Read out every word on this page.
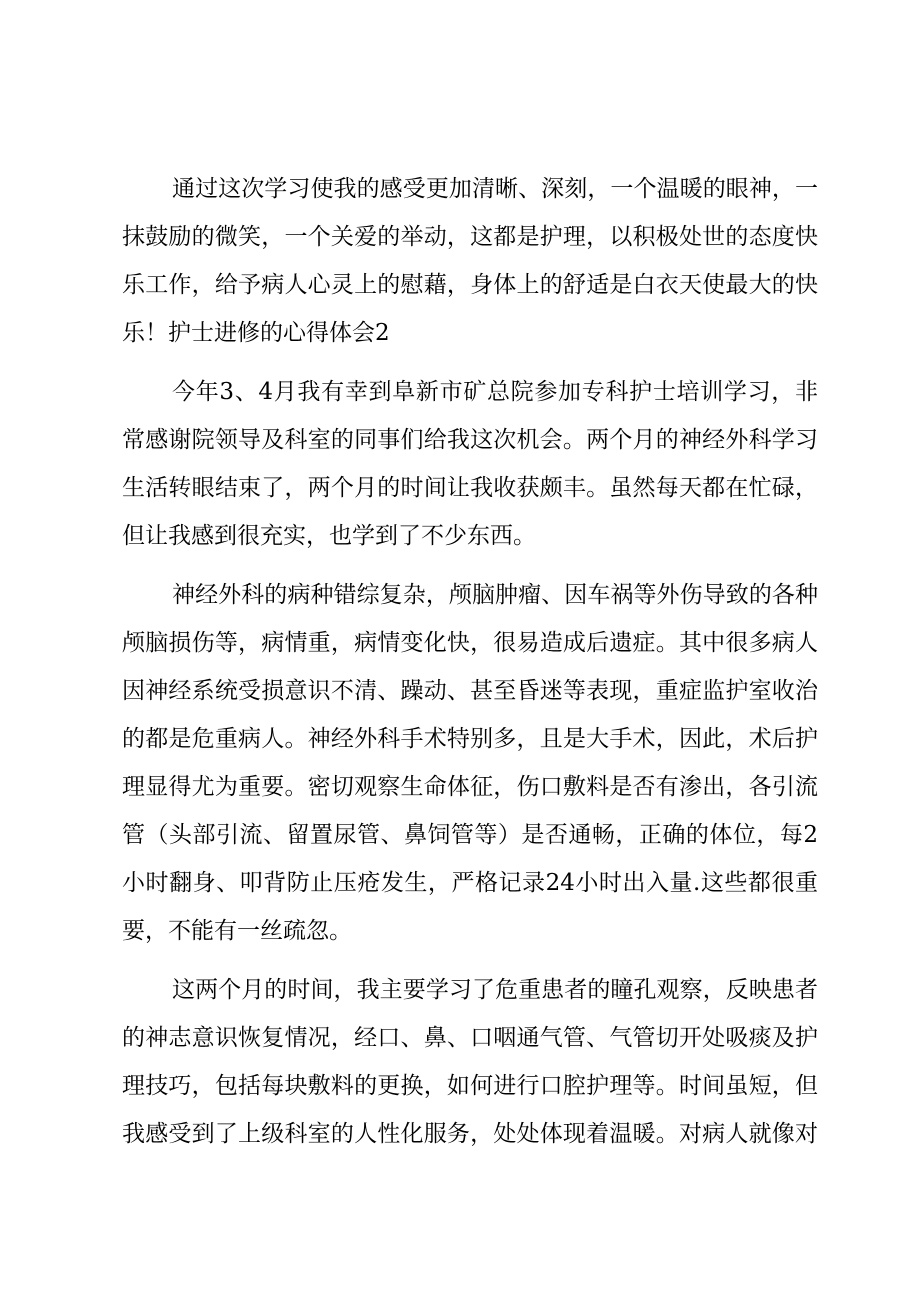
通过这次学习使我的感受更加清晰、深刻，一个温暖的眼神，一
抹鼓励的微笑，一个关爱的举动，这都是护理，以积极处世的态度快
乐工作，给予病人心灵上的慰藉，身体上的舒适是白衣天使最大的快
乐！护士进修的心得体会2
今年3、4月我有幸到阜新市矿总院参加专科护士培训学习，非
常感谢院领导及科室的同事们给我这次机会。两个月的神经外科学习
生活转眼结束了，两个月的时间让我收获颇丰。虽然每天都在忙碌，
但让我感到很充实，也学到了不少东西。
神经外科的病种错综复杂，颅脑肿瘤、因车祸等外伤导致的各种
颅脑损伤等，病情重，病情变化快，很易造成后遗症。其中很多病人
因神经系统受损意识不清、躁动、甚至昏迷等表现，重症监护室收治
的都是危重病人。神经外科手术特别多，且是大手术，因此，术后护
理显得尤为重要。密切观察生命体征，伤口敷料是否有渗出，各引流
管（头部引流、留置尿管、鼻饲管等）是否通畅，正确的体位，每2
小时翻身、叩背防止压疮发生，严格记录24小时出入量.这些都很重
要，不能有一丝疏忽。
这两个月的时间，我主要学习了危重患者的瞳孔观察，反映患者
的神志意识恢复情况，经口、鼻、口咽通气管、气管切开处吸痰及护
理技巧，包括每块敷料的更换，如何进行口腔护理等。时间虽短，但
我感受到了上级科室的人性化服务，处处体现着温暖。对病人就像对
